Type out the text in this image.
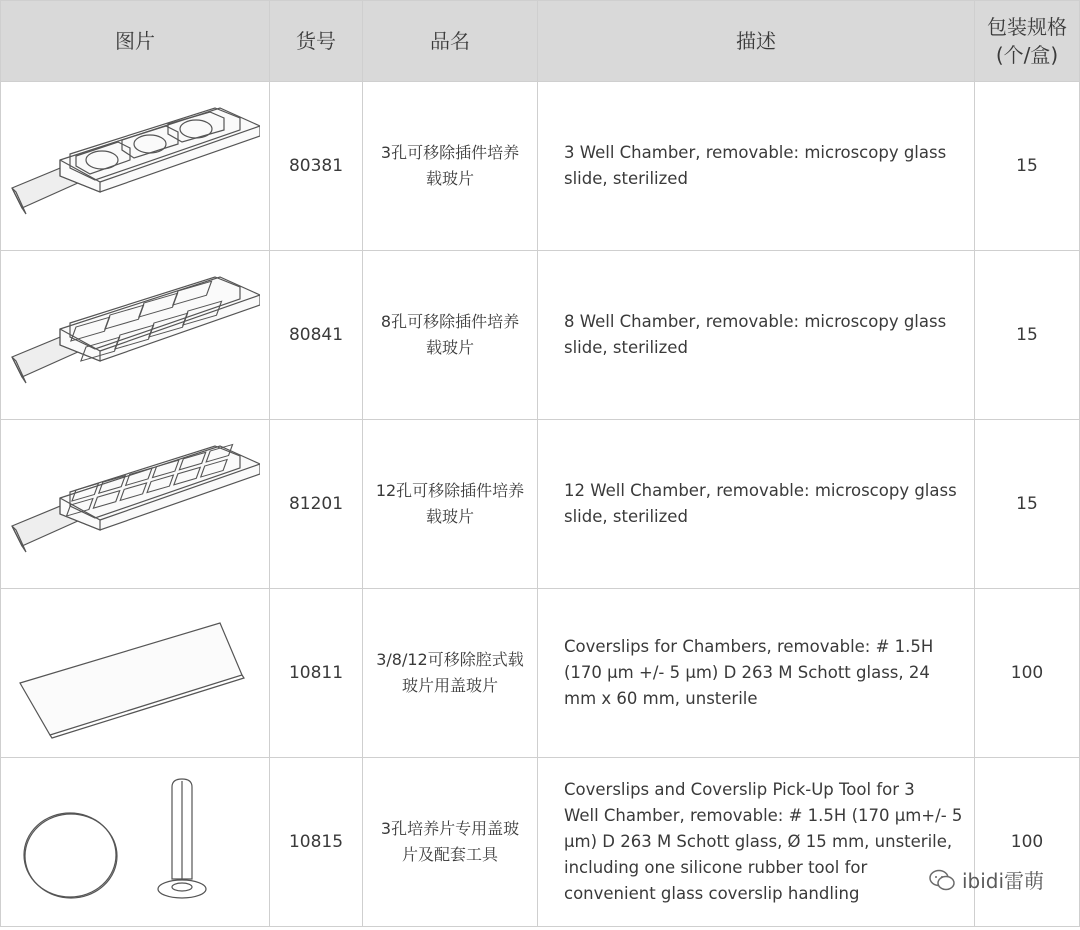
图片	货号	品名	描述	包装规格
(个/盒)

	80381	3孔可移除插件培养
载玻片	3 Well Chamber, removable: microscopy glass
slide, sterilized	15

	80841	8孔可移除插件培养
载玻片	8 Well Chamber, removable: microscopy glass
slide, sterilized	15

	81201	12孔可移除插件培养
载玻片	12 Well Chamber, removable: microscopy glass
slide, sterilized	15

	10811	3/8/12可移除腔式载
玻片用盖玻片	Coverslips for Chambers, removable: # 1.5H
(170 µm +/- 5 µm) D 263 M Schott glass, 24
mm x 60 mm, unsterile	100

	10815	3孔培养片专用盖玻
片及配套工具	Coverslips and Coverslip Pick-Up Tool for 3
Well Chamber, removable: # 1.5H (170 µm+/- 5
µm) D 263 M Schott glass, Ø 15 mm, unsterile,
including one silicone rubber tool for
convenient glass coverslip handling	100
ibidi雷萌
